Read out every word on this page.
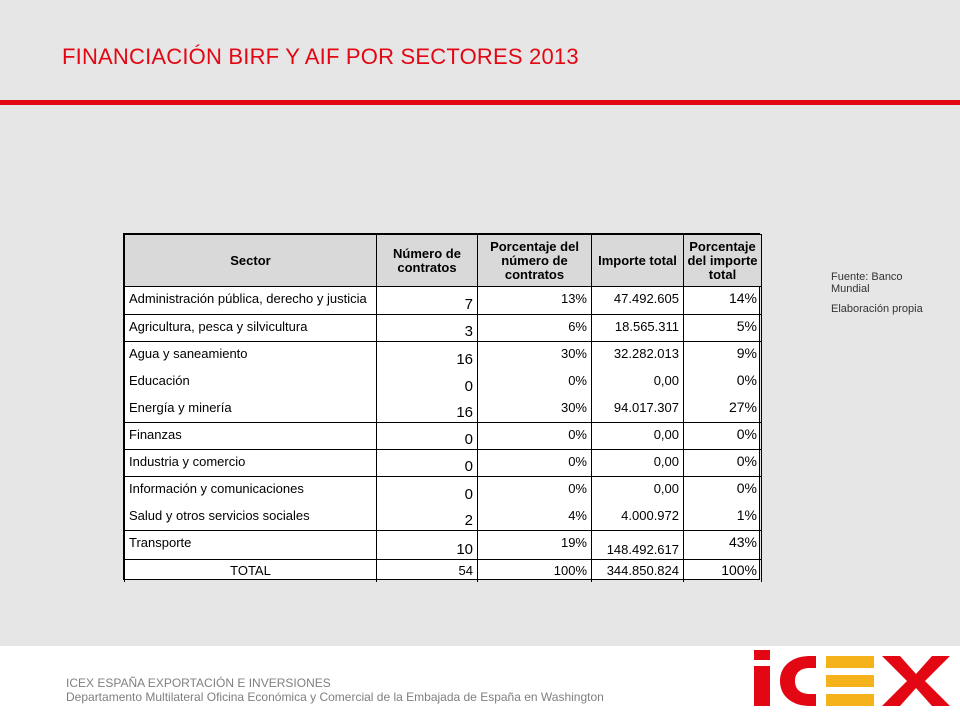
FINANCIACIÓN BIRF Y AIF POR SECTORES 2013
Sector	Número de contratos	Porcentaje del número de contratos	Importe total	Porcentaje del importe total
Administración pública, derecho y justicia	7	13%	47.492.605	14%
Agricultura, pesca y silvicultura	3	6%	18.565.311	5%
Agua y saneamiento	16	30%	32.282.013	9%
Educación	0	0%	0,00	0%
Energía y minería	16	30%	94.017.307	27%
Finanzas	0	0%	0,00	0%
Industria y comercio	0	0%	0,00	0%
Información y comunicaciones	0	0%	0,00	0%
Salud y otros servicios sociales	2	4%	4.000.972	1%
Transporte	10	19%	148.492.617	43%
TOTAL	54	100%	344.850.824	100%

Fuente: Banco Mundial

Elaboración propia

ICEX ESPAÑA EXPORTACIÓN E INVERSIONES
Departamento Multilateral Oficina Económica y Comercial de la Embajada de España en Washington
